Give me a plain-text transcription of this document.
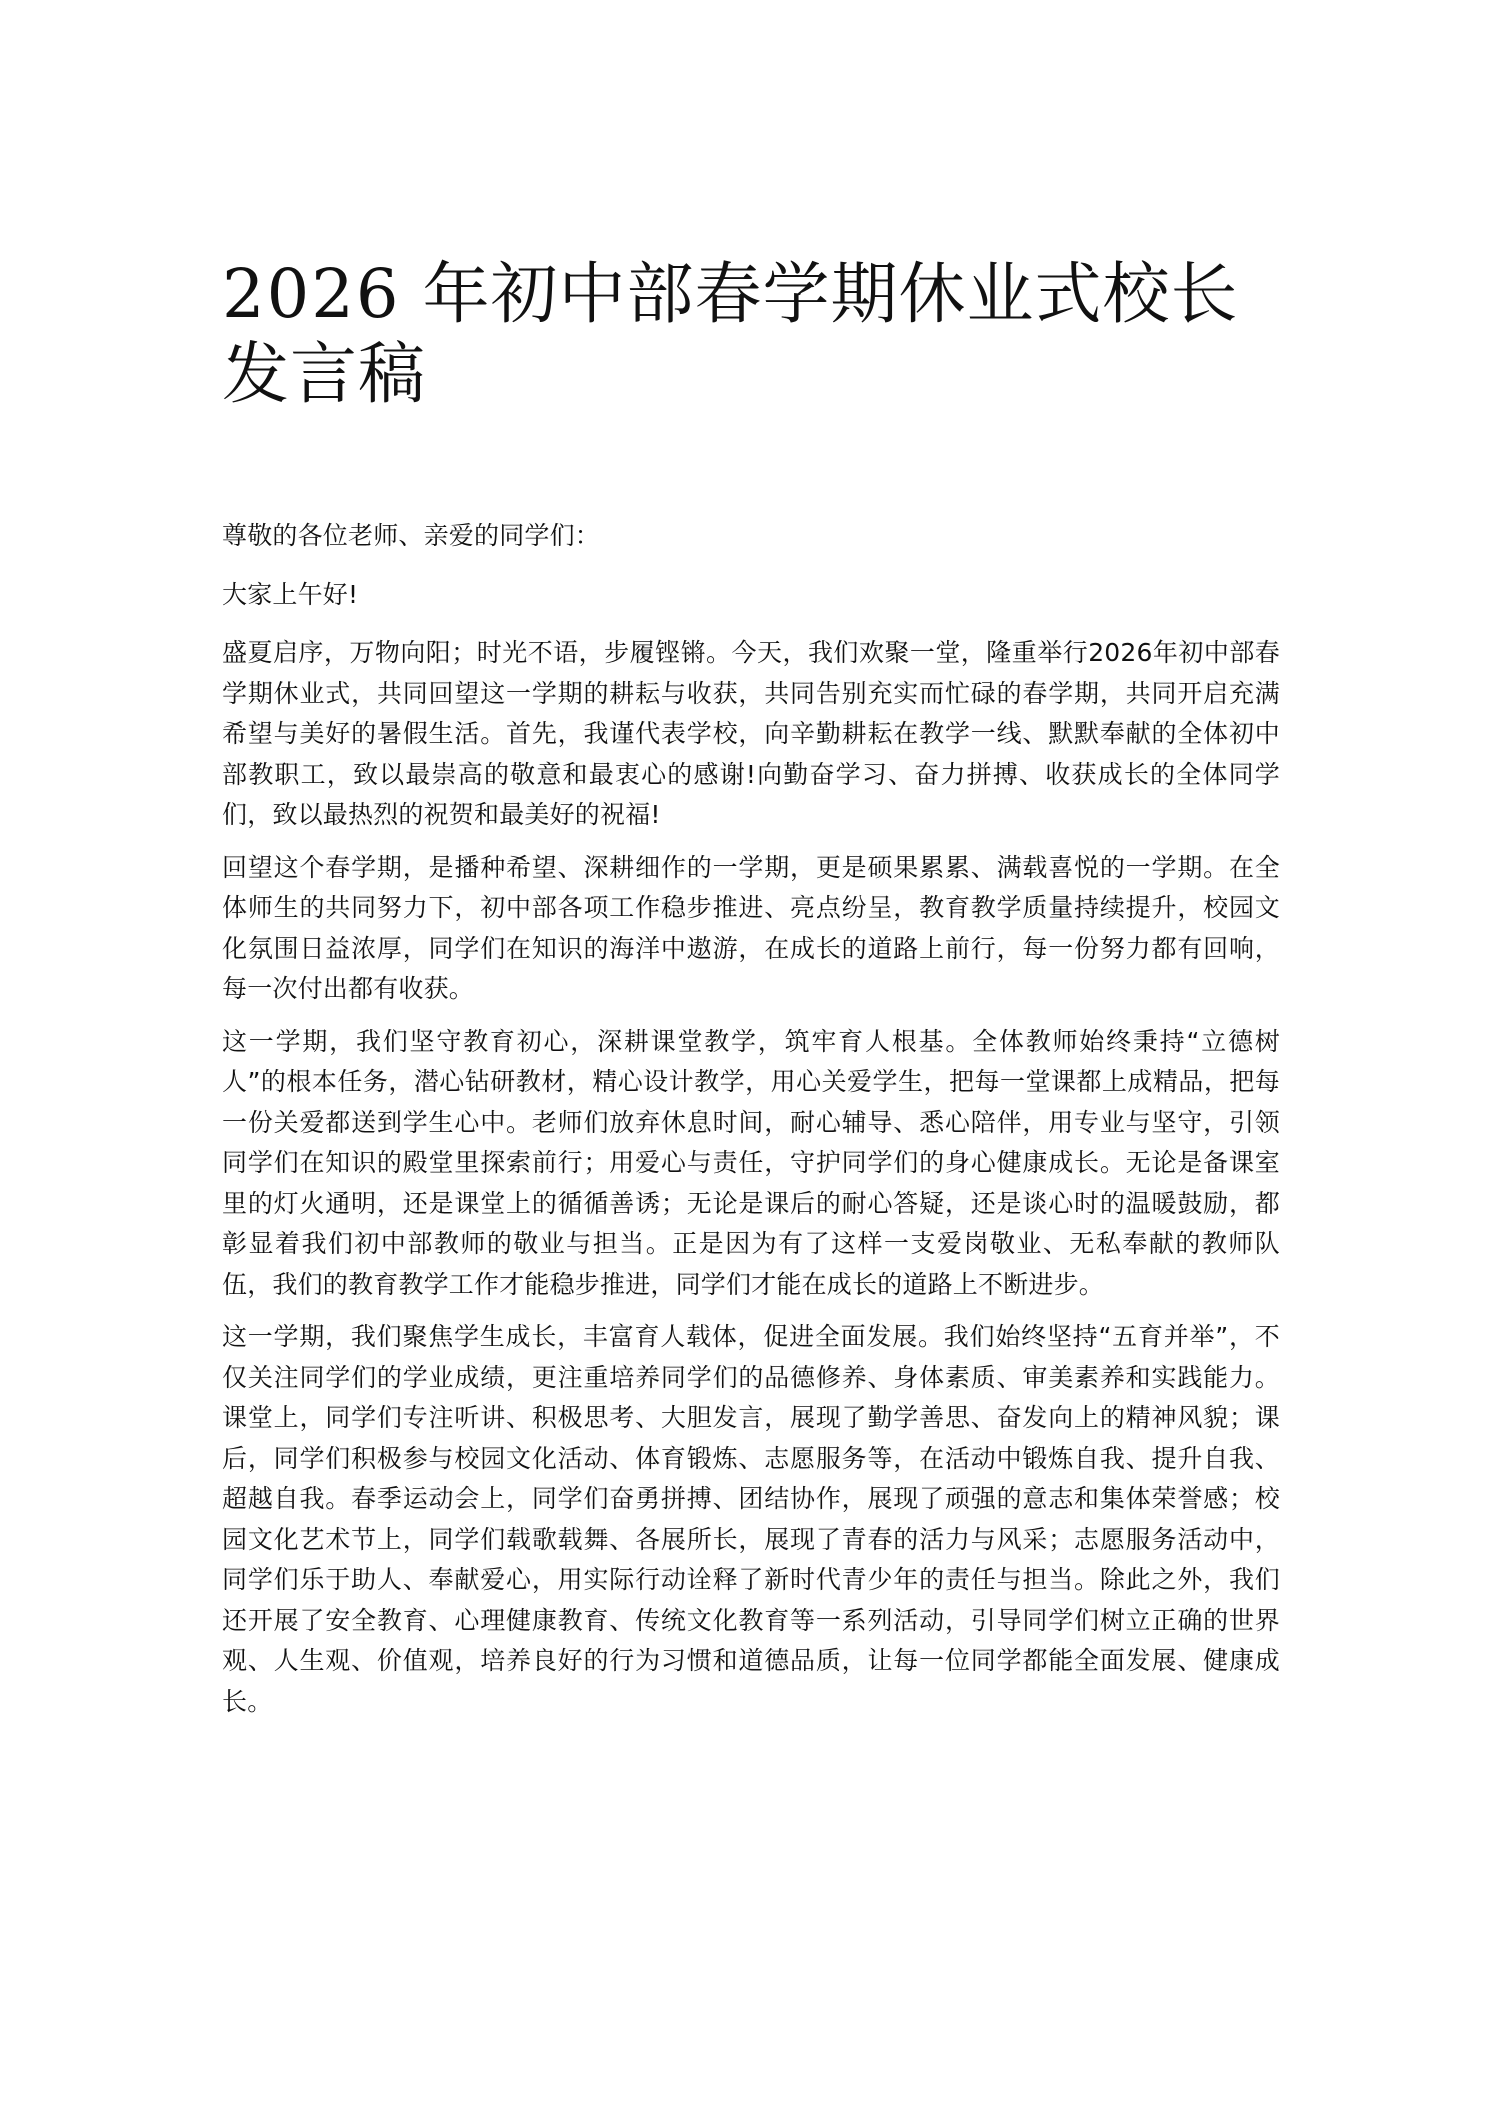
2026 年初中部春学期休业式校长发言稿

尊敬的各位老师、亲爱的同学们：

大家上午好!

盛夏启序，万物向阳；时光不语，步履铿锵。今天，我们欢聚一堂，隆重举行2026年初中部春学期休业式，共同回望这一学期的耕耘与收获，共同告别充实而忙碌的春学期，共同开启充满希望与美好的暑假生活。首先，我谨代表学校，向辛勤耕耘在教学一线、默默奉献的全体初中部教职工，致以最崇高的敬意和最衷心的感谢!向勤奋学习、奋力拼搏、收获成长的全体同学们，致以最热烈的祝贺和最美好的祝福!

回望这个春学期，是播种希望、深耕细作的一学期，更是硕果累累、满载喜悦的一学期。在全体师生的共同努力下，初中部各项工作稳步推进、亮点纷呈，教育教学质量持续提升，校园文化氛围日益浓厚，同学们在知识的海洋中遨游，在成长的道路上前行，每一份努力都有回响，每一次付出都有收获。

这一学期，我们坚守教育初心，深耕课堂教学，筑牢育人根基。全体教师始终秉持“立德树人”的根本任务，潜心钻研教材，精心设计教学，用心关爱学生，把每一堂课都上成精品，把每一份关爱都送到学生心中。老师们放弃休息时间，耐心辅导、悉心陪伴，用专业与坚守，引领同学们在知识的殿堂里探索前行；用爱心与责任，守护同学们的身心健康成长。无论是备课室里的灯火通明，还是课堂上的循循善诱；无论是课后的耐心答疑，还是谈心时的温暖鼓励，都彰显着我们初中部教师的敬业与担当。正是因为有了这样一支爱岗敬业、无私奉献的教师队伍，我们的教育教学工作才能稳步推进，同学们才能在成长的道路上不断进步。

这一学期，我们聚焦学生成长，丰富育人载体，促进全面发展。我们始终坚持“五育并举”，不仅关注同学们的学业成绩，更注重培养同学们的品德修养、身体素质、审美素养和实践能力。课堂上，同学们专注听讲、积极思考、大胆发言，展现了勤学善思、奋发向上的精神风貌；课后，同学们积极参与校园文化活动、体育锻炼、志愿服务等，在活动中锻炼自我、提升自我、超越自我。春季运动会上，同学们奋勇拼搏、团结协作，展现了顽强的意志和集体荣誉感；校园文化艺术节上，同学们载歌载舞、各展所长，展现了青春的活力与风采；志愿服务活动中，同学们乐于助人、奉献爱心，用实际行动诠释了新时代青少年的责任与担当。除此之外，我们还开展了安全教育、心理健康教育、传统文化教育等一系列活动，引导同学们树立正确的世界观、人生观、价值观，培养良好的行为习惯和道德品质，让每一位同学都能全面发展、健康成长。
